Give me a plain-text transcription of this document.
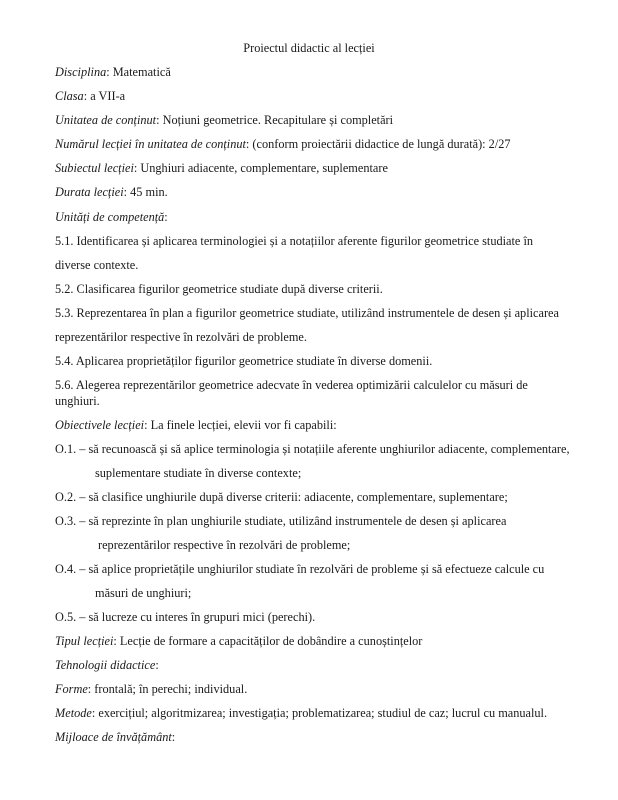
Proiectul didactic al lecției
Disciplina: Matematică
Clasa: a VII-a
Unitatea de conținut: Noțiuni geometrice. Recapitulare și completări
Numărul lecției în unitatea de conținut: (conform proiectării didactice de lungă durată): 2/27
Subiectul lecției: Unghiuri adiacente, complementare, suplementare
Durata lecției: 45 min.
Unități de competență:
5.1. Identificarea și aplicarea terminologiei și a notațiilor aferente figurilor geometrice studiate în
diverse contexte.
5.2. Clasificarea figurilor geometrice studiate după diverse criterii.
5.3. Reprezentarea în plan a figurilor geometrice studiate, utilizând instrumentele de desen și aplicarea
reprezentărilor respective în rezolvări de probleme.
5.4. Aplicarea proprietăților figurilor geometrice studiate în diverse domenii.
5.6. Alegerea reprezentărilor geometrice adecvate în vederea optimizării calculelor cu măsuri de
unghiuri.
Obiectivele lecției: La finele lecției, elevii vor fi capabili:
O.1. – să recunoască și să aplice terminologia și notațiile aferente unghiurilor adiacente, complementare,
suplementare studiate în diverse contexte;
O.2. – să clasifice unghiurile după diverse criterii: adiacente, complementare, suplementare;
O.3. – să reprezinte în plan unghiurile studiate, utilizând instrumentele de desen și aplicarea
reprezentărilor respective în rezolvări de probleme;
O.4. – să aplice proprietățile unghiurilor studiate în rezolvări de probleme și să efectueze calcule cu
măsuri de unghiuri;
O.5. – să lucreze cu interes în grupuri mici (perechi).
Tipul lecției: Lecție de formare a capacităților de dobândire a cunoștințelor
Tehnologii didactice:
Forme: frontală; în perechi; individual.
Metode: exercițiul; algoritmizarea; investigația; problematizarea; studiul de caz; lucrul cu manualul.
Mijloace de învățământ:
